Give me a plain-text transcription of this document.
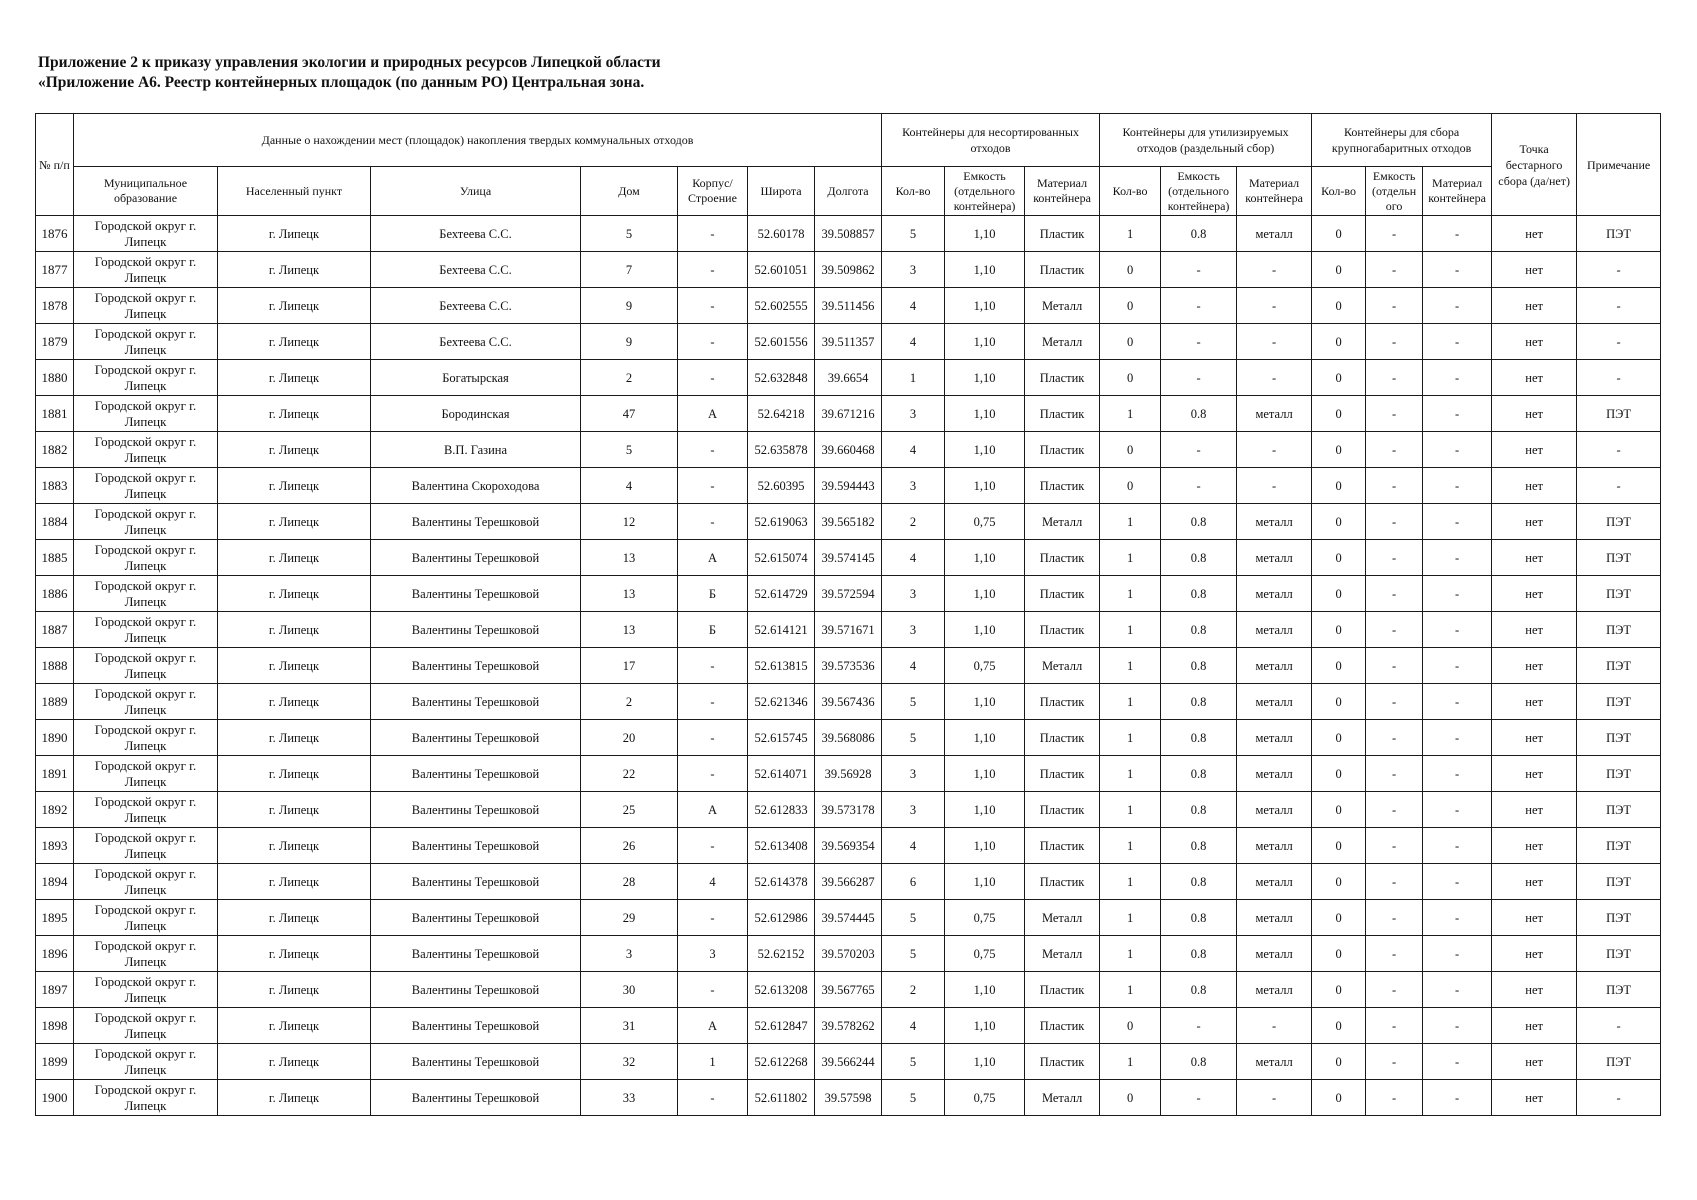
Приложение 2 к приказу управления экологии и природных ресурсов Липецкой области
«Приложение А6. Реестр контейнерных площадок (по данным РО) Центральная зона.
№ п/п	Данные о нахождении мест (площадок) накопления твердых коммунальных отходов							Контейнеры для несортированных отходов			Контейнеры для утилизируемых отходов (раздельный сбор)			Контейнеры для сбора крупногабаритных отходов			Точка бестарного сбора (да/нет)	Примечание
	Муниципальное образование	Населенный пункт	Улица	Дом	Корпус/ Строение	Широта	Долгота	Кол-во	Емкость (отдельного контейнера)	Материал контейнера	Кол-во	Емкость (отдельного контейнера)	Материал контейнера	Кол-во	Емкость (отдельн ого	Материал контейнера		
1876	Городской округ г. Липецк	г. Липецк	Бехтеева С.С.	5	-	52.60178	39.508857	5	1,10	Пластик	1	0.8	металл	0	-	-	нет	ПЭТ
1877	Городской округ г. Липецк	г. Липецк	Бехтеева С.С.	7	-	52.601051	39.509862	3	1,10	Пластик	0	-	-	0	-	-	нет	-
1878	Городской округ г. Липецк	г. Липецк	Бехтеева С.С.	9	-	52.602555	39.511456	4	1,10	Металл	0	-	-	0	-	-	нет	-
1879	Городской округ г. Липецк	г. Липецк	Бехтеева С.С.	9	-	52.601556	39.511357	4	1,10	Металл	0	-	-	0	-	-	нет	-
1880	Городской округ г. Липецк	г. Липецк	Богатырская	2	-	52.632848	39.6654	1	1,10	Пластик	0	-	-	0	-	-	нет	-
1881	Городской округ г. Липецк	г. Липецк	Бородинская	47	А	52.64218	39.671216	3	1,10	Пластик	1	0.8	металл	0	-	-	нет	ПЭТ
1882	Городской округ г. Липецк	г. Липецк	В.П. Газина	5	-	52.635878	39.660468	4	1,10	Пластик	0	-	-	0	-	-	нет	-
1883	Городской округ г. Липецк	г. Липецк	Валентина Скороходова	4	-	52.60395	39.594443	3	1,10	Пластик	0	-	-	0	-	-	нет	-
1884	Городской округ г. Липецк	г. Липецк	Валентины Терешковой	12	-	52.619063	39.565182	2	0,75	Металл	1	0.8	металл	0	-	-	нет	ПЭТ
1885	Городской округ г. Липецк	г. Липецк	Валентины Терешковой	13	А	52.615074	39.574145	4	1,10	Пластик	1	0.8	металл	0	-	-	нет	ПЭТ
1886	Городской округ г. Липецк	г. Липецк	Валентины Терешковой	13	Б	52.614729	39.572594	3	1,10	Пластик	1	0.8	металл	0	-	-	нет	ПЭТ
1887	Городской округ г. Липецк	г. Липецк	Валентины Терешковой	13	Б	52.614121	39.571671	3	1,10	Пластик	1	0.8	металл	0	-	-	нет	ПЭТ
1888	Городской округ г. Липецк	г. Липецк	Валентины Терешковой	17	-	52.613815	39.573536	4	0,75	Металл	1	0.8	металл	0	-	-	нет	ПЭТ
1889	Городской округ г. Липецк	г. Липецк	Валентины Терешковой	2	-	52.621346	39.567436	5	1,10	Пластик	1	0.8	металл	0	-	-	нет	ПЭТ
1890	Городской округ г. Липецк	г. Липецк	Валентины Терешковой	20	-	52.615745	39.568086	5	1,10	Пластик	1	0.8	металл	0	-	-	нет	ПЭТ
1891	Городской округ г. Липецк	г. Липецк	Валентины Терешковой	22	-	52.614071	39.56928	3	1,10	Пластик	1	0.8	металл	0	-	-	нет	ПЭТ
1892	Городской округ г. Липецк	г. Липецк	Валентины Терешковой	25	А	52.612833	39.573178	3	1,10	Пластик	1	0.8	металл	0	-	-	нет	ПЭТ
1893	Городской округ г. Липецк	г. Липецк	Валентины Терешковой	26	-	52.613408	39.569354	4	1,10	Пластик	1	0.8	металл	0	-	-	нет	ПЭТ
1894	Городской округ г. Липецк	г. Липецк	Валентины Терешковой	28	4	52.614378	39.566287	6	1,10	Пластик	1	0.8	металл	0	-	-	нет	ПЭТ
1895	Городской округ г. Липецк	г. Липецк	Валентины Терешковой	29	-	52.612986	39.574445	5	0,75	Металл	1	0.8	металл	0	-	-	нет	ПЭТ
1896	Городской округ г. Липецк	г. Липецк	Валентины Терешковой	3	3	52.62152	39.570203	5	0,75	Металл	1	0.8	металл	0	-	-	нет	ПЭТ
1897	Городской округ г. Липецк	г. Липецк	Валентины Терешковой	30	-	52.613208	39.567765	2	1,10	Пластик	1	0.8	металл	0	-	-	нет	ПЭТ
1898	Городской округ г. Липецк	г. Липецк	Валентины Терешковой	31	А	52.612847	39.578262	4	1,10	Пластик	0	-	-	0	-	-	нет	-
1899	Городской округ г. Липецк	г. Липецк	Валентины Терешковой	32	1	52.612268	39.566244	5	1,10	Пластик	1	0.8	металл	0	-	-	нет	ПЭТ
1900	Городской округ г. Липецк	г. Липецк	Валентины Терешковой	33	-	52.611802	39.57598	5	0,75	Металл	0	-	-	0	-	-	нет	-
